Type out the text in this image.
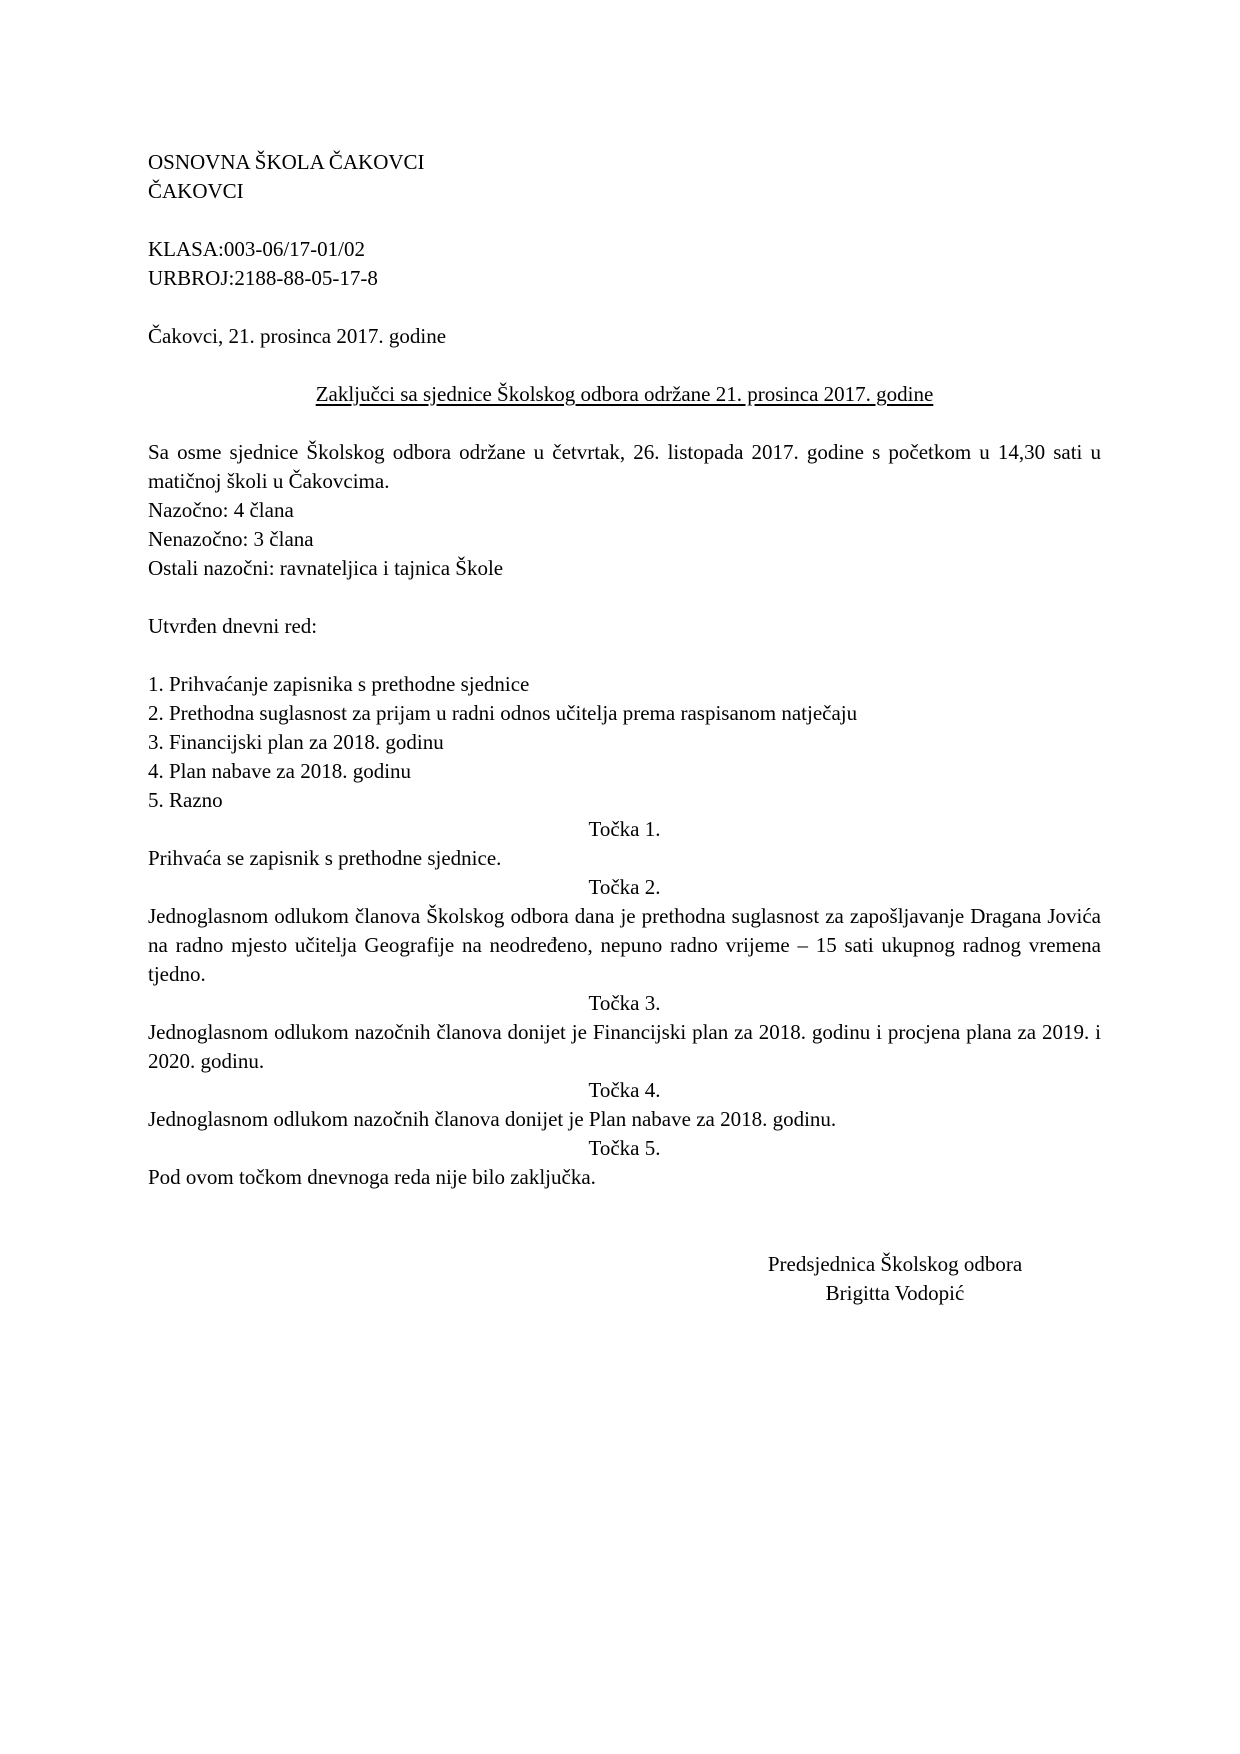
OSNOVNA ŠKOLA ČAKOVCI
ČAKOVCI
KLASA:003-06/17-01/02
URBROJ:2188-88-05-17-8
Čakovci, 21. prosinca 2017. godine
Zaključci sa sjednice Školskog odbora održane 21. prosinca 2017. godine
Sa osme sjednice Školskog odbora održane u četvrtak, 26. listopada 2017. godine s početkom u 14,30 sati u matičnoj školi u Čakovcima.
Nazočno: 4 člana
Nenazočno: 3 člana
Ostali nazočni: ravnateljica i tajnica Škole
Utvrđen dnevni red:
1. Prihvaćanje zapisnika s prethodne sjednice
2. Prethodna suglasnost za prijam u radni odnos učitelja prema raspisanom natječaju
3. Financijski plan za 2018. godinu
4. Plan nabave za 2018. godinu
5. Razno
Točka 1.
Prihvaća se zapisnik s prethodne sjednice.
Točka 2.
Jednoglasnom odlukom članova Školskog odbora dana je prethodna suglasnost za zapošljavanje Dragana Jovića na radno mjesto učitelja Geografije na neodređeno, nepuno radno vrijeme – 15 sati ukupnog radnog vremena tjedno.
Točka 3.
Jednoglasnom odlukom nazočnih članova donijet je Financijski plan za 2018. godinu i procjena plana za 2019. i 2020. godinu.
Točka 4.
Jednoglasnom odlukom nazočnih članova donijet je Plan nabave za 2018. godinu.
Točka 5.
Pod ovom točkom dnevnoga reda nije bilo zaključka.
Predsjednica Školskog odbora
Brigitta Vodopić
